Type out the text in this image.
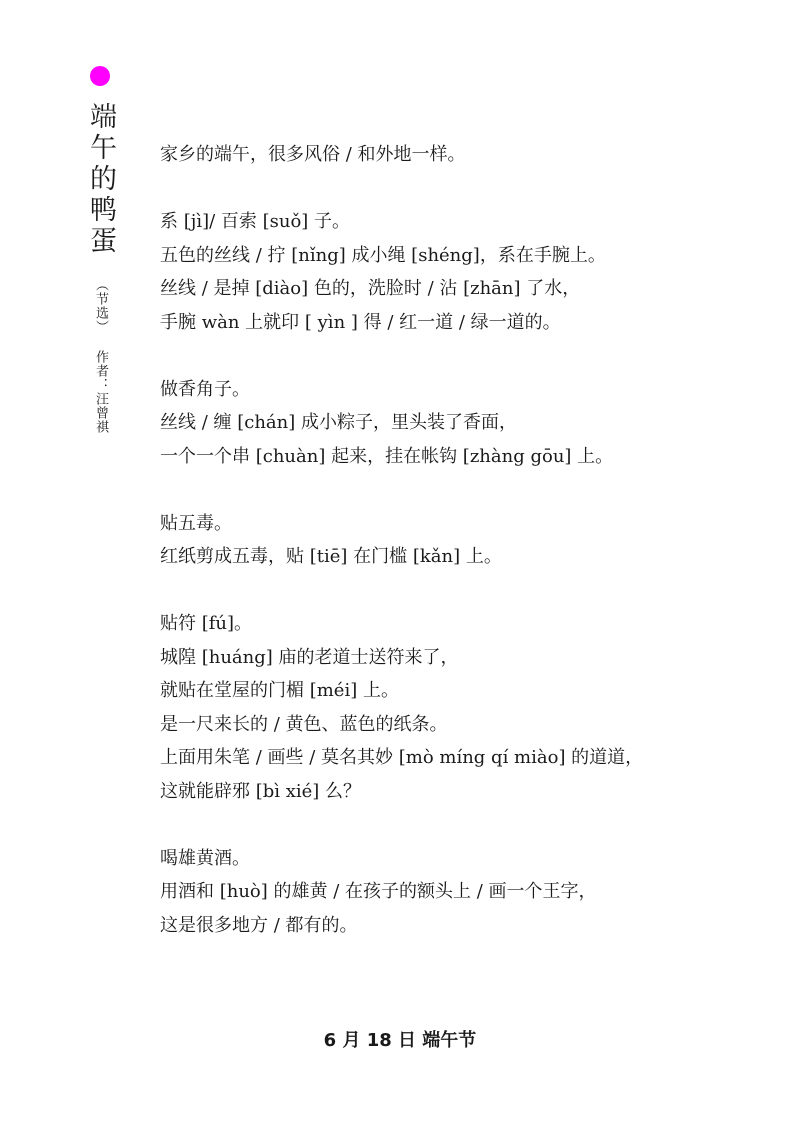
端午的鸭蛋
（节选）
作者：汪曾祺
家乡的端午，很多风俗 / 和外地一样。
系 [jì]/ 百索 [suǒ] 子。
五色的丝线 / 拧 [nǐng] 成小绳 [shéng]，系在手腕上。
丝线 / 是掉 [diào] 色的，洗脸时 / 沾 [zhān] 了水，
手腕 wàn 上就印 [ yìn ] 得 / 红一道 / 绿一道的。
做香角子。
丝线 / 缠 [chán] 成小粽子，里头装了香面，
一个一个串 [chuàn] 起来，挂在帐钩 [zhàng gōu] 上。
贴五毒。
红纸剪成五毒，贴 [tiē] 在门槛 [kǎn] 上。
贴符 [fú]。
城隍 [huáng] 庙的老道士送符来了，
就贴在堂屋的门楣 [méi] 上。
是一尺来长的 / 黄色、蓝色的纸条。
上面用朱笔 / 画些 / 莫名其妙 [mò míng qí miào] 的道道，
这就能辟邪 [bì xié] 么？
喝雄黄酒。
用酒和 [huò] 的雄黄 / 在孩子的额头上 / 画一个王字，
这是很多地方 / 都有的。
6 月 18 日 端午节
